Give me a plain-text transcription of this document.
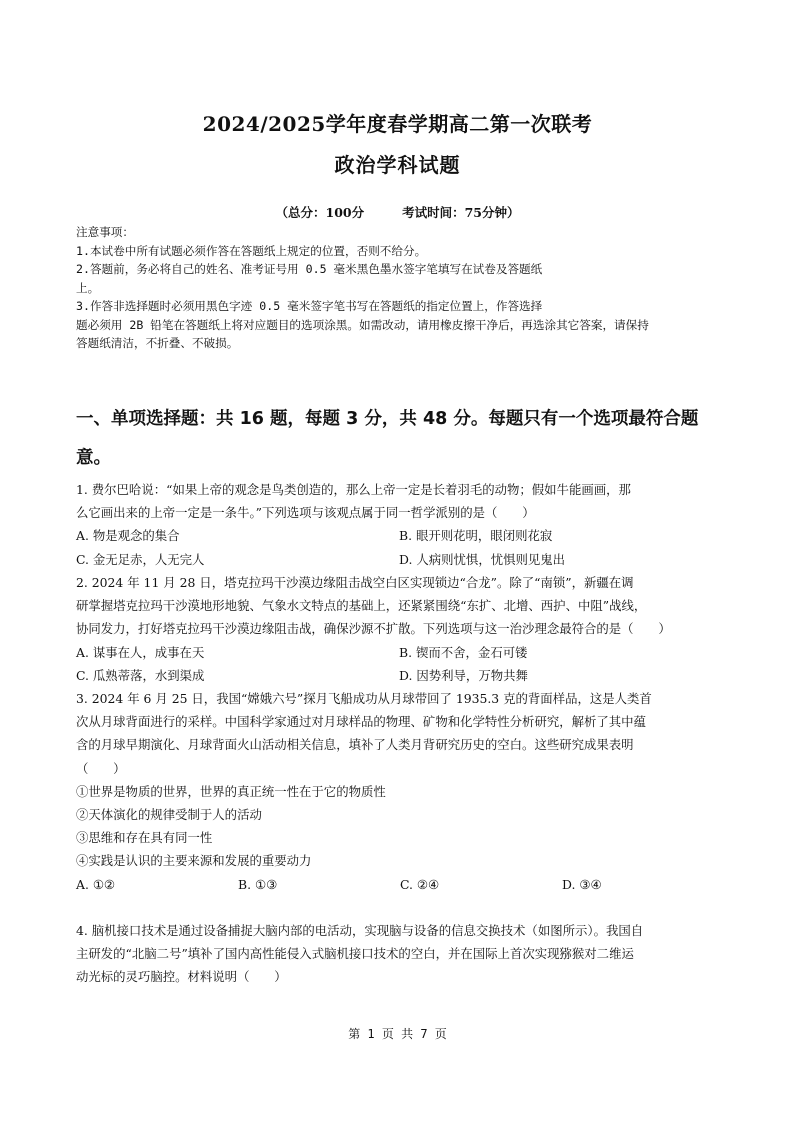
2024/2025学年度春学期高二第一次联考
政治学科试题
（总分：100分	考试时间：75分钟）
注意事项：
1.本试卷中所有试题必须作答在答题纸上规定的位置，否则不给分。
2.答题前，务必将自己的姓名、准考证号用 0.5 毫米黑色墨水签字笔填写在试卷及答题纸
上。
3.作答非选择题时必须用黑色字迹 0.5 毫米签字笔书写在答题纸的指定位置上，作答选择
题必须用 2B 铅笔在答题纸上将对应题目的选项涂黑。如需改动，请用橡皮擦干净后，再选涂其它答案，请保持
答题纸清洁，不折叠、不破损。
一、单项选择题：共 16 题，每题 3 分，共 48 分。每题只有一个选项最符合题
意。
1. 费尔巴哈说：“如果上帝的观念是鸟类创造的，那么上帝一定是长着羽毛的动物；假如牛能画画，那
么它画出来的上帝一定是一条牛。”下列选项与该观点属于同一哲学派别的是（　　）
A. 物是观念的集合	B. 眼开则花明，眼闭则花寂
C. 金无足赤，人无完人	D. 人病则忧惧，忧惧则见鬼出
2. 2024 年 11 月 28 日，塔克拉玛干沙漠边缘阻击战空白区实现锁边“合龙”。除了“南锁”，新疆在调
研掌握塔克拉玛干沙漠地形地貌、气象水文特点的基础上，还紧紧围绕“东扩、北增、西护、中阻”战线，
协同发力，打好塔克拉玛干沙漠边缘阻击战，确保沙源不扩散。下列选项与这一治沙理念最符合的是（　　）
A. 谋事在人，成事在天	B. 锲而不舍，金石可镂
C. 瓜熟蒂落，水到渠成	D. 因势利导，万物共舞
3. 2024 年 6 月 25 日，我国“嫦娥六号”探月飞船成功从月球带回了 1935.3 克的背面样品，这是人类首
次从月球背面进行的采样。中国科学家通过对月球样品的物理、矿物和化学特性分析研究，解析了其中蕴
含的月球早期演化、月球背面火山活动相关信息，填补了人类月背研究历史的空白。这些研究成果表明
（　　）
①世界是物质的世界，世界的真正统一性在于它的物质性
②天体演化的规律受制于人的活动
③思维和存在具有同一性
④实践是认识的主要来源和发展的重要动力
A. ①②	B. ①③	C. ②④	D. ③④
4. 脑机接口技术是通过设备捕捉大脑内部的电活动，实现脑与设备的信息交换技术（如图所示）。我国自
主研发的“北脑二号”填补了国内高性能侵入式脑机接口技术的空白，并在国际上首次实现猕猴对二维运
动光标的灵巧脑控。材料说明（　　）
第 1 页 共 7 页
